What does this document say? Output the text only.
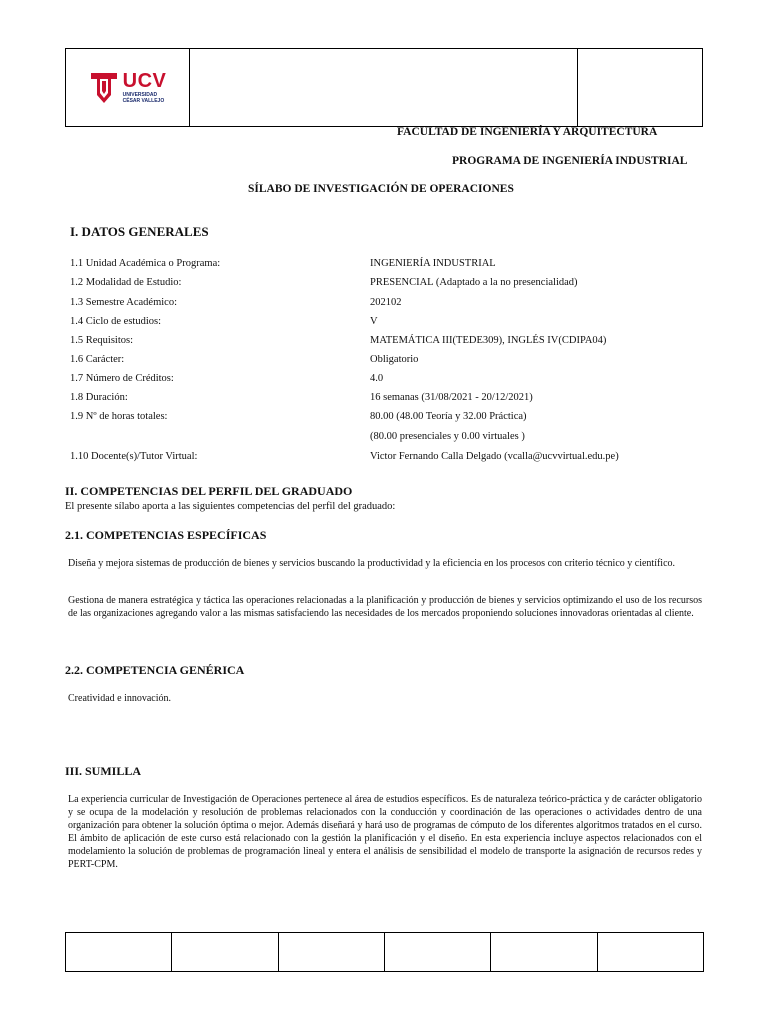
UCV
UNIVERSIDAD
CÉSAR VALLEJO
FACULTAD DE INGENIERÍA Y ARQUITECTURA
PROGRAMA DE INGENIERÍA INDUSTRIAL
SÍLABO DE INVESTIGACIÓN DE OPERACIONES
I. DATOS GENERALES
1.1 Unidad Académica o Programa:	INGENIERÍA INDUSTRIAL
1.2 Modalidad de Estudio:	PRESENCIAL (Adaptado a la no presencialidad)
1.3 Semestre Académico:	202102
1.4 Ciclo de estudios:	V
1.5 Requisitos:	MATEMÁTICA III(TEDE309), INGLÉS IV(CDIPA04)
1.6 Carácter:	Obligatorio
1.7 Número de Créditos:	4.0
1.8 Duración:	16 semanas (31/08/2021 - 20/12/2021)
1.9 Nº de horas totales:	80.00 (48.00 Teoría y 32.00 Práctica)
(80.00 presenciales y 0.00 virtuales )
1.10 Docente(s)/Tutor Virtual:	Victor Fernando Calla Delgado (vcalla@ucvvirtual.edu.pe)
II. COMPETENCIAS DEL PERFIL DEL GRADUADO
El presente sílabo aporta a las siguientes competencias del perfil del graduado:
2.1. COMPETENCIAS ESPECÍFICAS
Diseña y mejora sistemas de producción de bienes y servicios buscando la productividad y la eficiencia en los procesos con criterio técnico y científico.
Gestiona de manera estratégica y táctica las operaciones relacionadas a la planificación y producción de bienes y servicios optimizando el uso de los recursos de las organizaciones agregando valor a las mismas satisfaciendo las necesidades de los mercados proponiendo soluciones innovadoras orientadas al cliente.
2.2. COMPETENCIA GENÉRICA
Creatividad e innovación.
III. SUMILLA
La experiencia curricular de Investigación de Operaciones pertenece al área de estudios específicos. Es de naturaleza teórico-práctica y de carácter obligatorio y se ocupa de la modelación y resolución de problemas relacionados con la conducción y coordinación de las operaciones o actividades dentro de una organización para obtener la solución óptima o mejor. Además diseñará y hará uso de programas de cómputo de los diferentes algoritmos tratados en el curso. El ámbito de aplicación de este curso está relacionado con la gestión la planificación y el diseño. En esta experiencia incluye aspectos relacionados con el modelamiento la solución de problemas de programación lineal y entera el análisis de sensibilidad el modelo de transporte la asignación de recursos redes y PERT-CPM.
